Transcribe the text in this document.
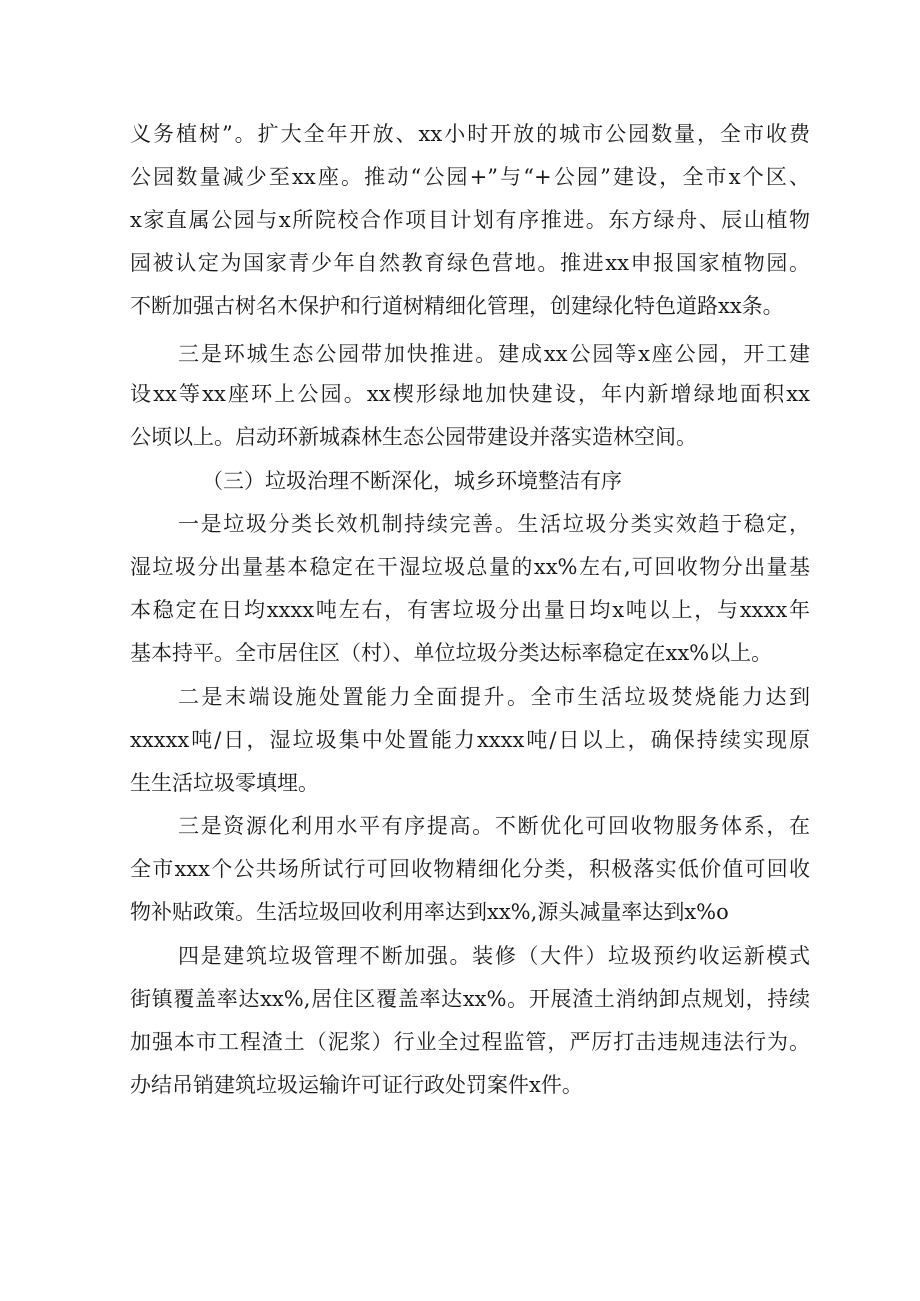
义务植树”。扩大全年开放、xx小时开放的城市公园数量，全市收费
公园数量减少至xx座。推动“公园+”与“+公园”建设，全市x个区、
x家直属公园与x所院校合作项目计划有序推进。东方绿舟、辰山植物
园被认定为国家青少年自然教育绿色营地。推进xx申报国家植物园。
不断加强古树名木保护和行道树精细化管理，创建绿化特色道路xx条。
三是环城生态公园带加快推进。建成xx公园等x座公园，开工建
设xx等xx座环上公园。xx楔形绿地加快建设，年内新增绿地面积xx
公顷以上。启动环新城森林生态公园带建设并落实造林空间。
（三）垃圾治理不断深化，城乡环境整洁有序
一是垃圾分类长效机制持续完善。生活垃圾分类实效趋于稳定，
湿垃圾分出量基本稳定在干湿垃圾总量的xx%左右,可回收物分出量基
本稳定在日均xxxx吨左右，有害垃圾分出量日均x吨以上，与xxxx年
基本持平。全市居住区（村）、单位垃圾分类达标率稳定在xx%以上。
二是末端设施处置能力全面提升。全市生活垃圾焚烧能力达到
xxxxx吨/日，湿垃圾集中处置能力xxxx吨/日以上，确保持续实现原
生生活垃圾零填埋。
三是资源化利用水平有序提高。不断优化可回收物服务体系，在
全市xxx个公共场所试行可回收物精细化分类，积极落实低价值可回收
物补贴政策。生活垃圾回收利用率达到xx%,源头减量率达到x%o
四是建筑垃圾管理不断加强。装修（大件）垃圾预约收运新模式
街镇覆盖率达xx%,居住区覆盖率达xx%。开展渣土消纳卸点规划，持续
加强本市工程渣土（泥浆）行业全过程监管，严厉打击违规违法行为。
办结吊销建筑垃圾运输许可证行政处罚案件x件。
